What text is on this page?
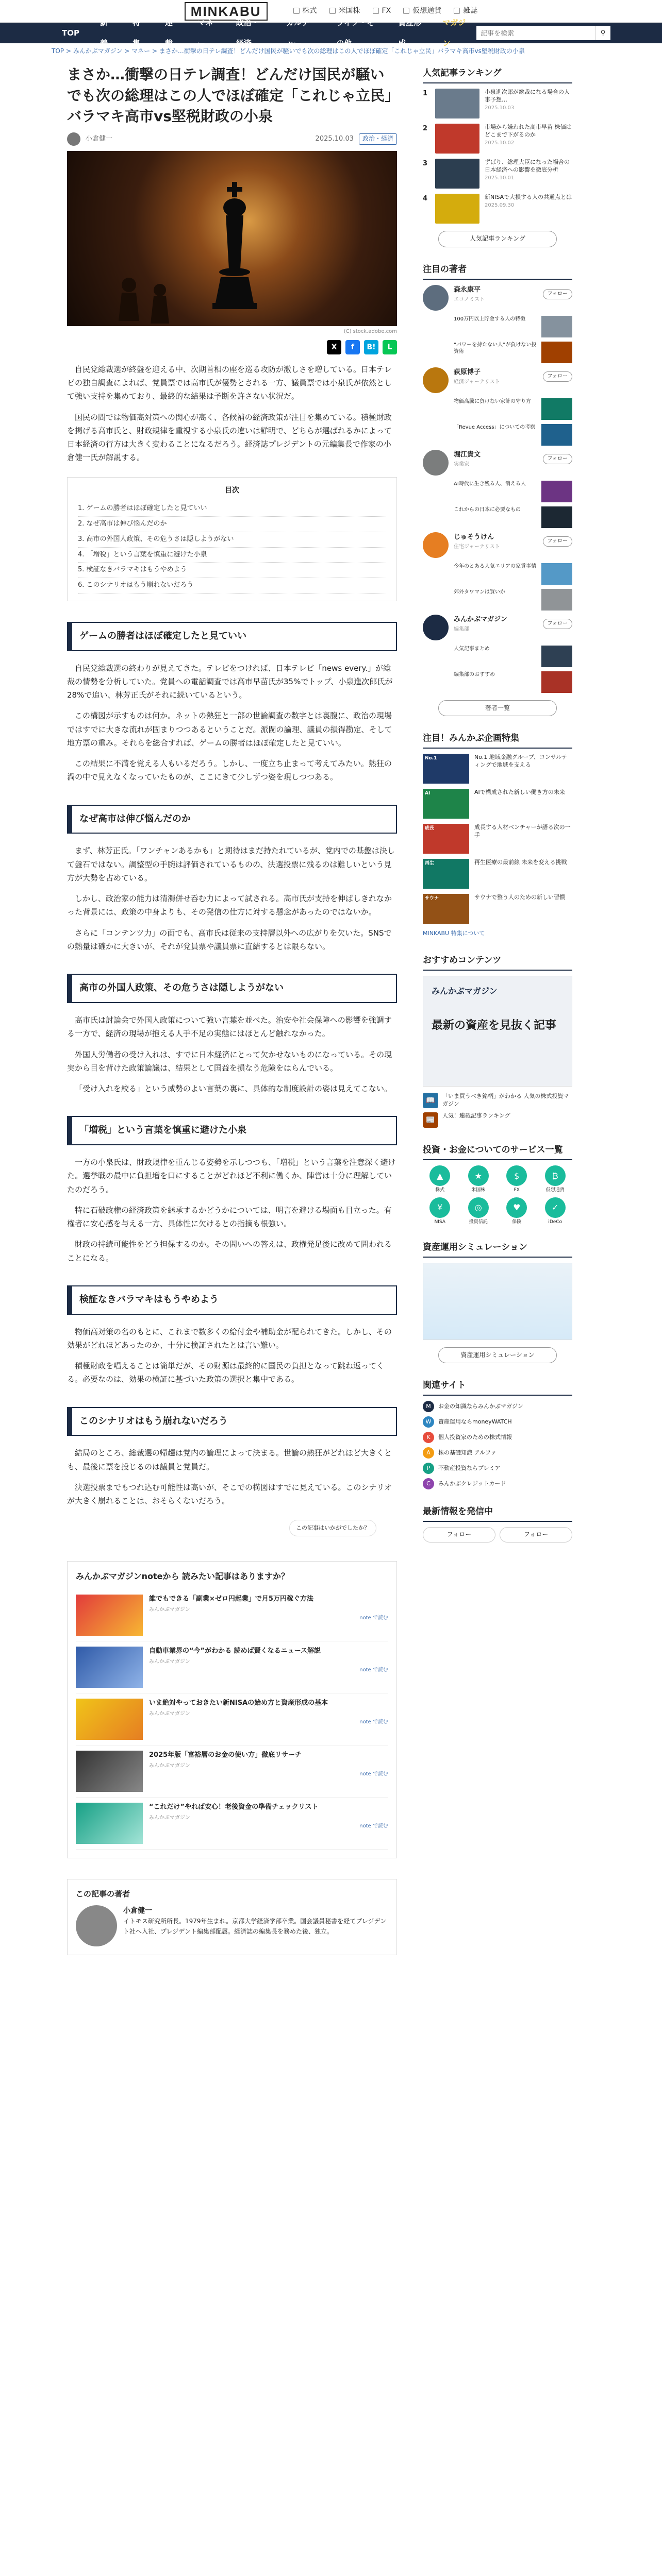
MINKABU	株式	米国株	FX	仮想通貨	雑誌
TOP
新着
特集
連載
マネー
政治・経済
カルチャー
ライフ・その他
資産形成
マガジン
記事を検索
⚲
TOP > みんかぶマガジン > マネー > まさか…衝撃の日テレ調査！どんだけ国民が騒いでも次の総理はこの人でほぼ確定「これじゃ立民」バラマキ高市vs堅税財政の小泉
まさか…衝撃の日テレ調査！どんだけ国民が騒いでも次の総理はこの人でほぼ確定「これじゃ立民」バラマキ高市vs堅税財政の小泉
小倉健一	2025.10.03	政治・経済
(C) stock.adobe.com
X	f	B!	L

自民党総裁選が終盤を迎える中、次期首相の座を巡る攻防が激しさを増している。日本テレビの独自調査によれば、党員票では高市氏が優勢とされる一方、議員票では小泉氏が依然として強い支持を集めており、最終的な結果は予断を許さない状況だ。

国民の間では物価高対策への関心が高く、各候補の経済政策が注目を集めている。積極財政を掲げる高市氏と、財政規律を重視する小泉氏の違いは鮮明で、どちらが選ばれるかによって日本経済の行方は大きく変わることになるだろう。経済誌プレジデントの元編集長で作家の小倉健一氏が解説する。

目次
1. ゲームの勝者はほぼ確定したと見ていい
2. なぜ高市は伸び悩んだのか
3. 高市の外国人政策、その危うさは隠しようがない
4. 「増税」という言葉を慎重に避けた小泉
5. 検証なきバラマキはもうやめよう
6. このシナリオはもう崩れないだろう
ゲームの勝者はほぼ確定したと見ていい

自民党総裁選の終わりが見えてきた。テレビをつければ、日本テレビ「news every.」が総裁の情勢を分析していた。党員への電話調査では高市早苗氏が35%でトップ、小泉進次郎氏が28%で追い、林芳正氏がそれに続いているという。

この構図が示すものは何か。ネットの熱狂と一部の世論調査の数字とは裏腹に、政治の現場ではすでに大きな流れが固まりつつあるということだ。派閥の論理、議員の損得勘定、そして地方票の重み。それらを総合すれば、ゲームの勝者はほぼ確定したと見ていい。

この結果に不満を覚える人もいるだろう。しかし、一度立ち止まって考えてみたい。熱狂の渦の中で見えなくなっていたものが、ここにきて少しずつ姿を現しつつある。

なぜ高市は伸び悩んだのか

まず、林芳正氏。「ワンチャンあるかも」と期待はまだ持たれているが、党内での基盤は決して盤石ではない。調整型の手腕は評価されているものの、決選投票に残るのは難しいという見方が大勢を占めている。

しかし、政治家の能力は清濁併せ呑む力によって試される。高市氏が支持を伸ばしきれなかった背景には、政策の中身よりも、その発信の仕方に対する懸念があったのではないか。

さらに「コンテンツ力」の面でも、高市氏は従来の支持層以外への広がりを欠いた。SNSでの熱量は確かに大きいが、それが党員票や議員票に直結するとは限らない。

高市の外国人政策、その危うさは隠しようがない

高市氏は討論会で外国人政策について強い言葉を並べた。治安や社会保障への影響を強調する一方で、経済の現場が抱える人手不足の実態にはほとんど触れなかった。

外国人労働者の受け入れは、すでに日本経済にとって欠かせないものになっている。その現実から目を背けた政策論議は、結果として国益を損なう危険をはらんでいる。

「受け入れを絞る」という威勢のよい言葉の裏に、具体的な制度設計の姿は見えてこない。

「増税」という言葉を慎重に避けた小泉

一方の小泉氏は、財政規律を重んじる姿勢を示しつつも、「増税」という言葉を注意深く避けた。選挙戦の最中に負担増を口にすることがどれほど不利に働くか、陣営は十分に理解していたのだろう。

特に石破政権の経済政策を継承するかどうかについては、明言を避ける場面も目立った。有権者に安心感を与える一方、具体性に欠けるとの指摘も根強い。

財政の持続可能性をどう担保するのか。その問いへの答えは、政権発足後に改めて問われることになる。

検証なきバラマキはもうやめよう

物価高対策の名のもとに、これまで数多くの給付金や補助金が配られてきた。しかし、その効果がどれほどあったのか、十分に検証されたとは言い難い。

積極財政を唱えることは簡単だが、その財源は最終的に国民の負担となって跳ね返ってくる。必要なのは、効果の検証に基づいた政策の選択と集中である。

このシナリオはもう崩れないだろう

結局のところ、総裁選の帰趨は党内の論理によって決まる。世論の熱狂がどれほど大きくとも、最後に票を投じるのは議員と党員だ。

決選投票までもつれ込む可能性は高いが、そこでの構図はすでに見えている。このシナリオが大きく崩れることは、おそらくないだろう。

この記事はいかがでしたか？
みんかぶマガジンnoteから 読みたい記事はありますか？
誰でもできる「副業×ゼロ円起業」で月5万円稼ぐ方法
みんかぶマガジン
note で読む
自動車業界の“今”がわかる 読めば賢くなるニュース解説
みんかぶマガジン
note で読む
いま絶対やっておきたい新NISAの始め方と資産形成の基本
みんかぶマガジン
note で読む
2025年版「富裕層のお金の使い方」徹底リサーチ
みんかぶマガジン
note で読む
“これだけ”やれば安心！老後資金の準備チェックリスト
みんかぶマガジン
note で読む
この記事の著者
小倉健一
イトモス研究所所長。1979年生まれ。京都大学経済学部卒業。国会議員秘書を経てプレジデント社へ入社、プレジデント編集部配属。経済誌の編集長を務めた後、独立。
人気記事ランキング
1	小泉進次郎が総裁になる場合の人事予想…
2025.10.03
2	市場から嫌われた高市早苗 株価はどこまで下がるのか
2025.10.02
3	ずばり、総理大臣になった場合の日本経済への影響を徹底分析
2025.10.01
4	新NISAで大損する人の共通点とは
2025.09.30
人気記事ランキング
注目の著者
森永康平
エコノミスト
フォロー
100万円以上貯金する人の特徴
“パワーを持たない人”が負けない投資術
荻原博子
経済ジャーナリスト
フォロー
物価高騰に負けない家計の守り方
「Revue Access」についての考察
堀江貴文
実業家
フォロー
AI時代に生き残る人、消える人
これからの日本に必要なもの
じゅそうけん
住宅ジャーナリスト
フォロー
今年のとある人気エリアの家賃事情
郊外タワマンは買いか
みんかぶマガジン
編集部
フォロー
人気記事まとめ
編集部のおすすめ
著者一覧
注目！みんかぶ企画特集
No.1	No.1 地域金融グループ、コンサルティングで地域を支える
AI	AIで構成された新しい働き方の未来
成長	成長する人材ベンチャーが語る次の一手
再生	再生医療の最前線 未来を変える挑戦
サウナ	サウナで整う人のための新しい習慣
MINKABU 特集について
おすすめコンテンツ
みんかぶマガジン
最新の資産を見抜く記事
📖
「いま買うべき銘柄」がわかる 人気の株式投資マガジン
📰
人気！連載記事ランキング
投資・お金についてのサービス一覧
▲
株式
★
米国株
$
FX
₿
仮想通貨
¥
NISA
◎
投資信託
♥
保険
✓
iDeCo
資産運用シミュレーション
資産運用シミュレーション
関連サイト
M	お金の知識ならみんかぶマガジン
W	資産運用ならmoneyWATCH
K	個人投資家のための株式情報
A	株の基礎知識 アルファ
P	不動産投資ならプレミア
C	みんかぶクレジットカード
最新情報を発信中
フォロー	フォロー
